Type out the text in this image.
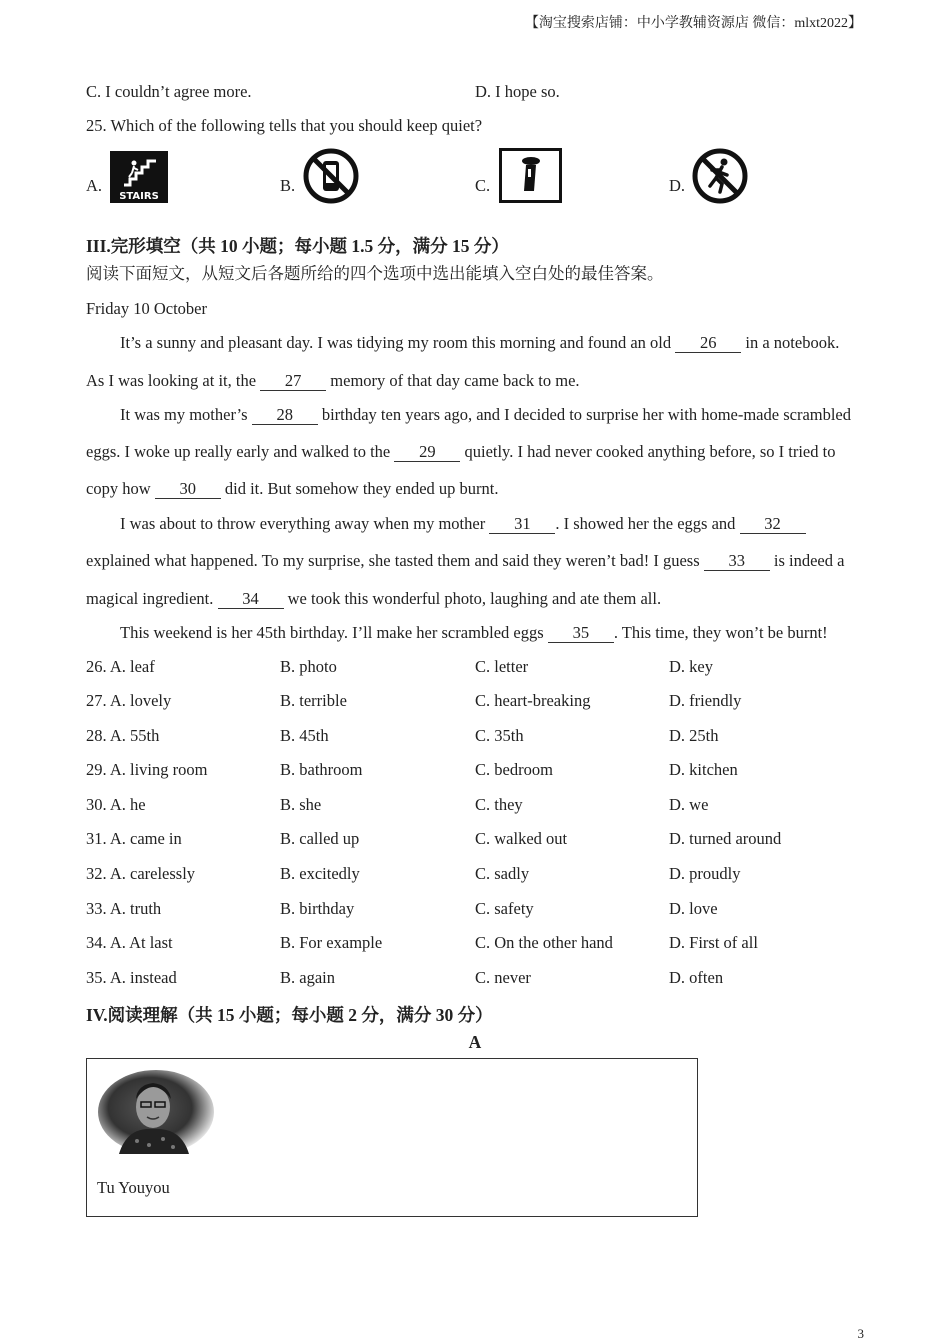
【淘宝搜索店铺：中小学教辅资源店 微信：mlxt2022】
C. I couldn’t agree more.	D. I hope so.
25. Which of the following tells that you should keep quiet?
A.
STAIRS
B.	C.	D.
III.完形填空（共 10 小题；每小题 1.5 分，满分 15 分）
阅读下面短文，从短文后各题所给的四个选项中选出能填入空白处的最佳答案。
Friday 10 October
It’s a sunny and pleasant day. I was tidying my room this morning and found an old 26 in a notebook.
As I was looking at it, the 27 memory of that day came back to me.
It was my mother’s 28 birthday ten years ago, and I decided to surprise her with home-made scrambled
eggs. I woke up really early and walked to the 29 quietly. I had never cooked anything before, so I tried to
copy how 30 did it. But somehow they ended up burnt.
I was about to throw everything away when my mother 31 . I showed her the eggs and 32
explained what happened. To my surprise, she tasted them and said they weren’t bad! I guess 33 is indeed a
magical ingredient. 34 we took this wonderful photo, laughing and ate them all.
This weekend is her 45th birthday. I’ll make her scrambled eggs 35 . This time, they won’t be burnt!
26. A. leaf	B. photo	C. letter	D. key
27. A. lovely	B. terrible	C. heart-breaking	D. friendly
28. A. 55th	B. 45th	C. 35th	D. 25th
29. A. living room	B. bathroom	C. bedroom	D. kitchen
30. A. he	B. she	C. they	D. we
31. A. came in	B. called up	C. walked out	D. turned around
32. A. carelessly	B. excitedly	C. sadly	D. proudly
33. A. truth	B. birthday	C. safety	D. love
34. A. At last	B. For example	C. On the other hand	D. First of all
35. A. instead	B. again	C. never	D. often
IV.阅读理解（共 15 小题；每小题 2 分，满分 30 分）
A
Tu Youyou
3
